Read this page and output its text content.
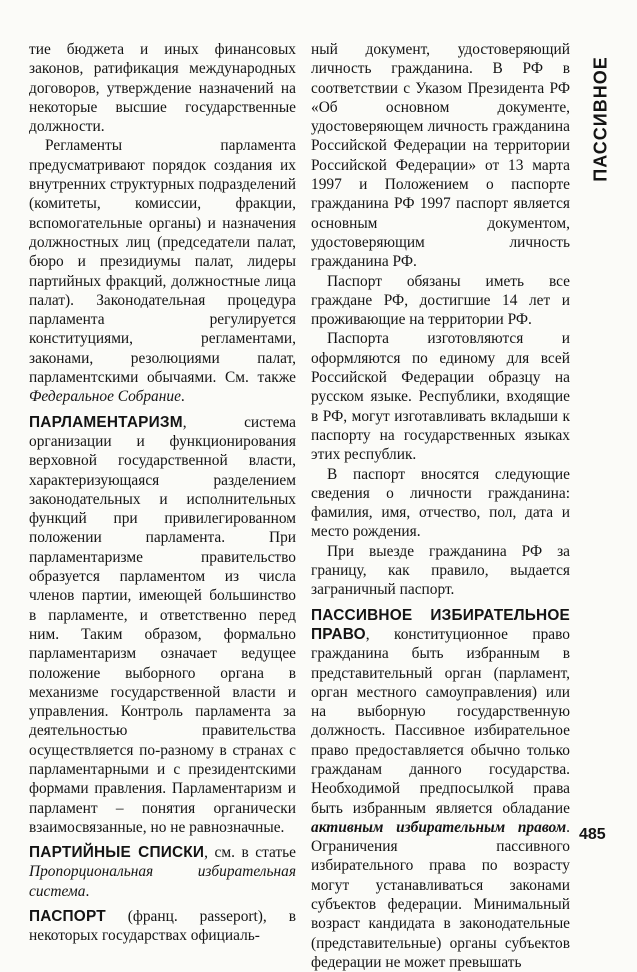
тие бюджета и иных финансовых законов, ратификация международных договоров, утверждение назначений на некоторые высшие государственные должности.

Регламенты парламента предусматривают порядок создания их внутренних структурных подразделений (комитеты, комиссии, фракции, вспомогательные органы) и назначения должностных лиц (председатели палат, бюро и президиумы палат, лидеры партийных фракций, должностные лица палат). Законодательная процедура парламента регулируется конституциями, регламентами, законами, резолюциями палат, парламентскими обычаями. См. также Федеральное Собрание.

ПАРЛАМЕНТАРИЗМ, система организации и функционирования верховной государственной власти, характеризующаяся разделением законодательных и исполнительных функций при привилегированном положении парламента. При парламентаризме правительство образуется парламентом из числа членов партии, имеющей большинство в парламенте, и ответственно перед ним. Таким образом, формально парламентаризм означает ведущее положение выборного органа в механизме государственной власти и управления. Контроль парламента за деятельностью правительства осуществляется по-разному в странах с парламентарными и с президентскими формами правления. Парламентаризм и парламент – понятия органически взаимосвязанные, но не равнозначные.

ПАРТИЙНЫЕ СПИСКИ, см. в статье Пропорциональная избирательная система.

ПАСПОРТ (франц. passeport), в некоторых государствах официаль-

ный документ, удостоверяющий личность гражданина. В РФ в соответствии с Указом Президента РФ «Об основном документе, удостоверяющем личность гражданина Российской Федерации на территории Российской Федерации» от 13 марта 1997 и Положением о паспорте гражданина РФ 1997 паспорт является основным документом, удостоверяющим личность гражданина РФ.

Паспорт обязаны иметь все граждане РФ, достигшие 14 лет и проживающие на территории РФ.

Паспорта изготовляются и оформляются по единому для всей Российской Федерации образцу на русском языке. Республики, входящие в РФ, могут изготавливать вкладыши к паспорту на государственных языках этих республик.

В паспорт вносятся следующие сведения о личности гражданина: фамилия, имя, отчество, пол, дата и место рождения.

При выезде гражданина РФ за границу, как правило, выдается заграничный паспорт.

ПАССИВНОЕ ИЗБИРАТЕЛЬНОЕ ПРАВО, конституционное право гражданина быть избранным в представительный орган (парламент, орган местного самоуправления) или на выборную государственную должность. Пассивное избирательное право предоставляется обычно только гражданам данного государства. Необходимой предпосылкой права быть избранным является обладание активным избирательным правом. Ограничения пассивного избирательного права по возрасту могут устанавливаться законами субъектов федерации. Минимальный возраст кандидата в законодательные (представительные) органы субъектов федерации не может превышать

ПАССИВНОЕ
485
